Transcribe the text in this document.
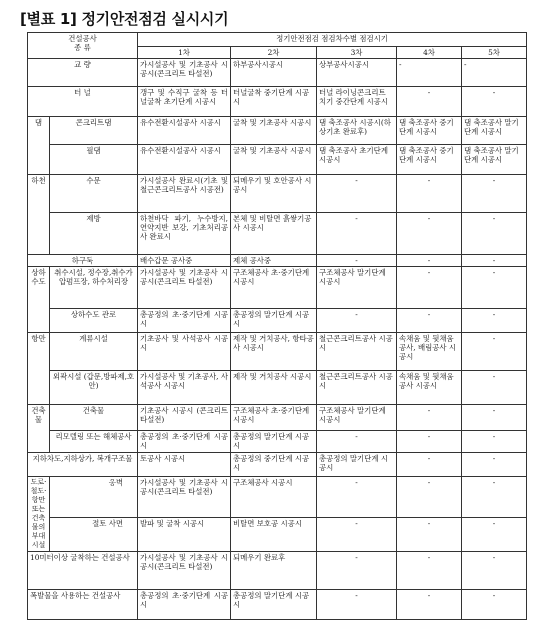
[별표 1] 정기안전점검 실시시기
건설공사
종 류		정기안전점검 점검차수별 점검시기				
		1차	2차	3차	4차	5차
교 량		가시설공사 및 기초공사 시공시(콘크리트 타설전)	하부공사시공시	상부공사시공시	-	-
터 널		갱구 및 수직구 굴착 등 터널굴착 초기단계 시공시	터널굴착 중기단계 시공시	터널 라이닝콘크리트 치기 중간단계 시공시	-	-
댐	콘크리트댐	유수전환시설공사 시공시	굴착 및 기초공사 시공시	댐 축조공사 시공시(하상기초 완료후)	댐 축조공사 중기단계 시공시	댐 축조공사 말기단계 시공시
	필댐	유수전환시설공사 시공시	굴착 및 기초공사 시공시	댐 축조공사 초기단계 시공시	댐 축조공사 중기단계 시공시	댐 축조공사 말기단계 시공시
하천	수문	가시설공사 완료시(기초 및 철근콘크리트공사 시공전)	되메우기 및 호안공사 시공시	-	-	-
	제방	하천바닥 파기, 누수방지, 연약지반 보강, 기초처리공사 완료시	본체 및 비탈면 흙쌓기공사 시공시	-	-	-
하구둑		배수갑문 공사중	제체 공사중	-	-	-
상하수도	취수시설, 정수장,취수가압펌프장, 하수처리장	가시설공사 및 기초공사 시공시(콘크리트 타설전)	구조체공사 초·중기단계 시공시	구조체공사 말기단계 시공시	-	-
	상하수도 관로	총공정의 초·중기단계 시공시	총공정의 말기단계 시공시	-	-	-
항만	계류시설	기초공사 및 사석공사 시공시	제작 및 거치공사, 항타공사 시공시	철근콘크리트공사 시공시	속채움 및 뒷채움공사, 배림공사 시공시	-
	외곽시설 (갑문,방파제,호안)	가시설공사 및 기초공사, 사석공사 시공시	제작 및 거치공사 시공시	철근콘크리트공사 시공시	속채움 및 뒷채움공사 시공시	-
건축물	건축물	기초공사 시공시 (콘크리트 타설전)	구조체공사 초·중기단계 시공시	구조체공사 말기단계 시공시	-	-
	리모델링 또는 해체공사	총공정의 초·중기단계 시공시	총공정의 말기단계 시공시	-	-	-
지하차도,지하상가, 복개구조물		토공사 시공시	총공정의 중기단계 시공시	총공정의 말기단계 시공시	-	-
도로·철도·항만 또는 건축물의 부대시설	옹벽	가시설공사 및 기초공사 시공시(콘크리트 타설전)	구조체공사 시공시	-	-	-
	절토 사면	발파 및 굴착 시공시	비탈면 보호공 시공시	-	-	-
10미터이상 굴착하는 건설공사		가시설공사 및 기초공사 시공시(콘크리트 타설전)	되메우기 완료후	-	-	-
폭발물을 사용하는 건설공사		총공정의 초·중기단계 시공시	총공정의 말기단계 시공시	-	-	-
